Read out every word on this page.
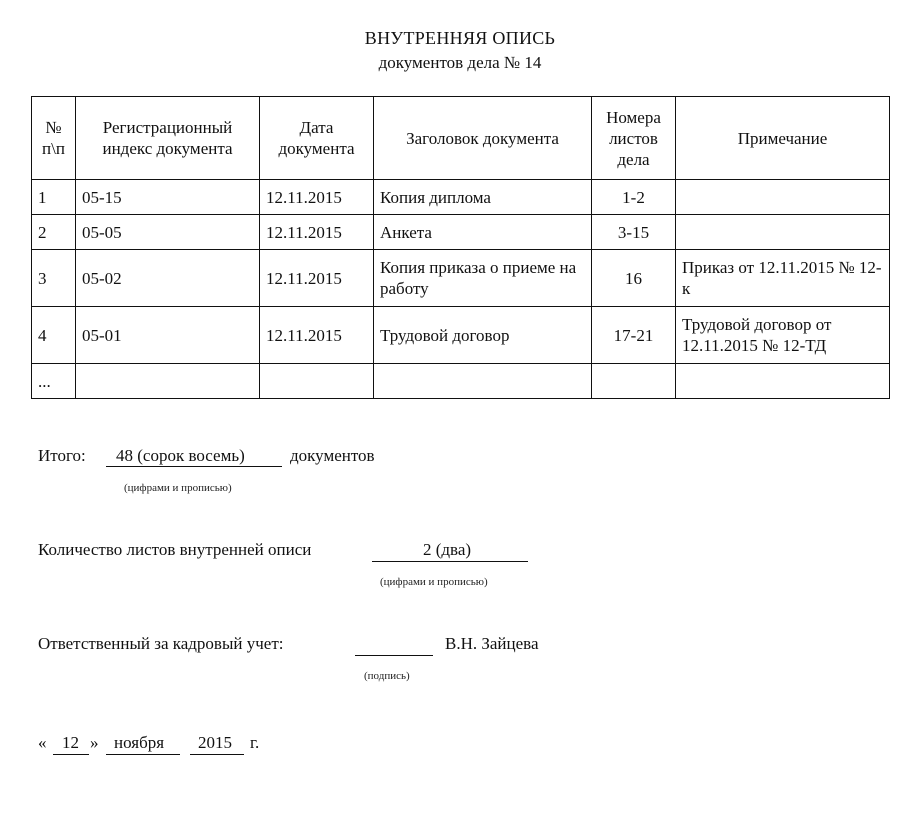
ВНУТРЕННЯЯ ОПИСЬ
документов дела № 14
№ п\п	Регистрационный индекс документа	Дата документа	Заголовок документа	Номера листов дела	Примечание
1	05-15	12.11.2015	Копия диплома	1-2	
2	05-05	12.11.2015	Анкета	3-15	
3	05-02	12.11.2015	Копия приказа о приеме на работу	16	Приказ от 12.11.2015 № 12-к
4	05-01	12.11.2015	Трудовой договор	17-21	Трудовой договор от 12.11.2015 № 12-ТД
...					
Итого: 48 (сорок восемь)	документов
(цифрами и прописью)
Количество листов внутренней описи	2 (два)
(цифрами и прописью)
Ответственный за кадровый учет:	В.Н. Зайцева
(подпись)
« 12 » ноября 2015 г.
